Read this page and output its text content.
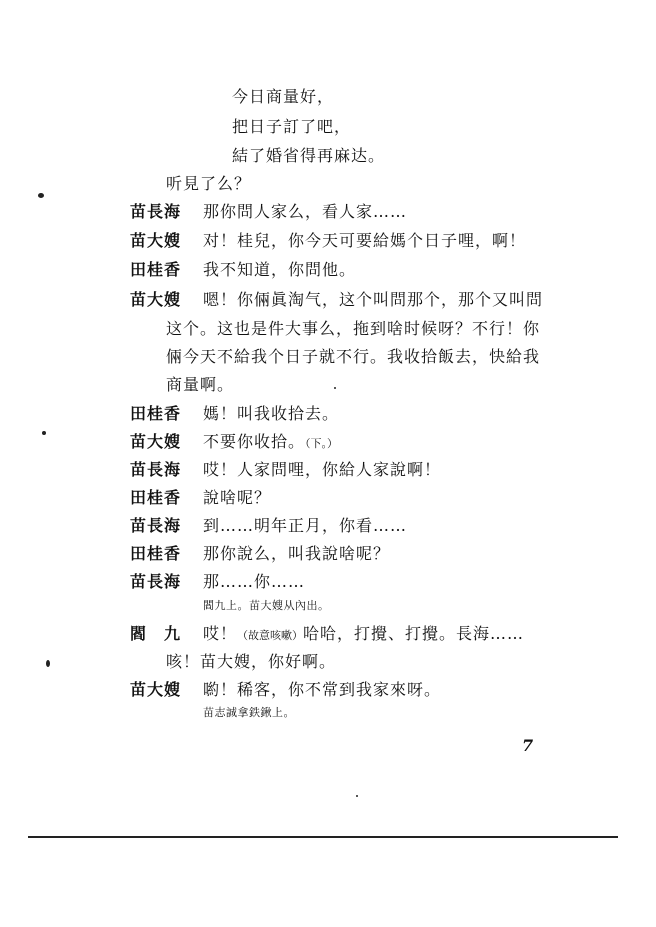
今日商量好，
把日子訂了吧，
結了婚省得再麻达。
听見了么？
苗長海 那你問人家么，看人家……
苗大嫂 对！桂兒，你今天可要給媽个日子哩，啊！
田桂香 我不知道，你問他。
苗大嫂 嗯！你倆眞淘气，这个叫問那个，那个又叫問
这个。这也是件大事么，拖到啥时候呀？不行！你
倆今天不給我个日子就不行。我收拾飯去，快給我
商量啊。
田桂香 媽！叫我收拾去。
苗大嫂 不要你收拾。（下。）
苗長海 哎！人家問哩，你給人家說啊！
田桂香 說啥呢？
苗長海 到……明年正月，你看……
田桂香 那你說么，叫我說啥呢？
苗長海 那……你……
閻九上。苗大嫂从內出。
閻　九 哎！（故意咳嗽）哈哈，打攪、打攪。長海……
咳！苗大嫂，你好啊。
苗大嫂 喲！稀客，你不常到我家來呀。
苗志誠拿鉄鍬上。
7
